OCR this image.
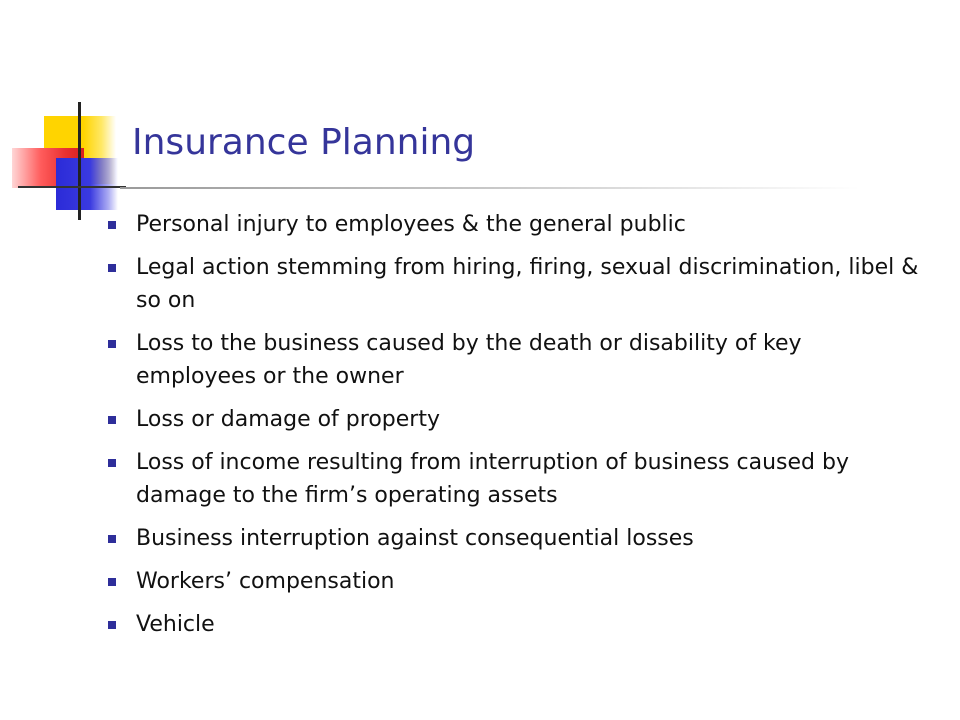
Insurance Planning
Personal injury to employees & the general public
Legal action stemming from hiring, firing, sexual discrimination, libel & so on
Loss to the business caused by the death or disability of key employees or the owner
Loss or damage of property
Loss of income resulting from interruption of business caused by damage to the firm’s operating assets
Business interruption against consequential losses
Workers’ compensation
Vehicle
